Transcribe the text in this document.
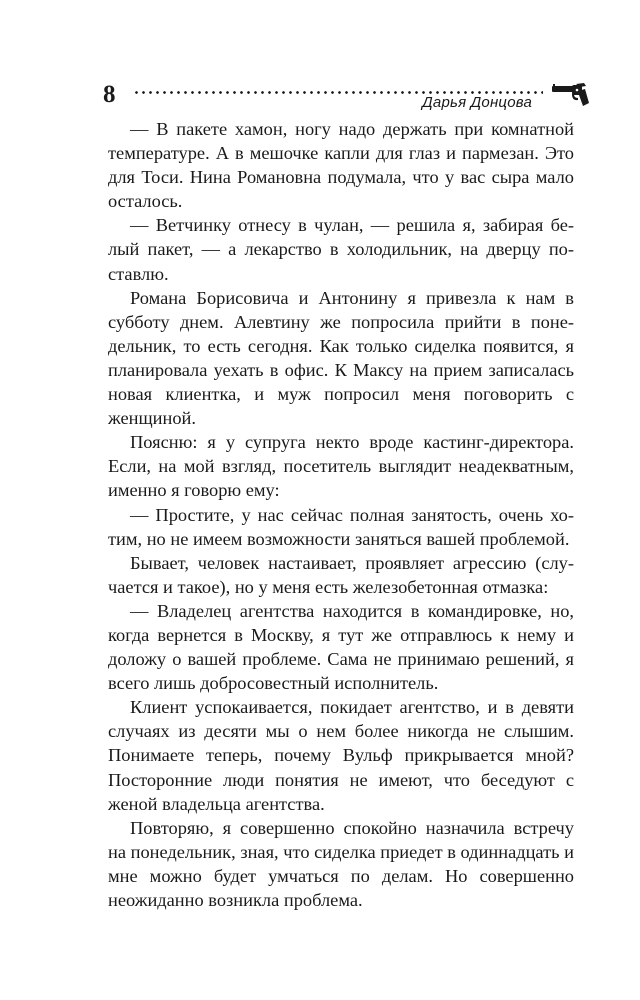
8	Дарья Донцова

— В пакете хамон, ногу надо держать при комнатной температуре. А в мешочке капли для глаз и пармезан. Это для Тоси. Нина Романовна подумала, что у вас сыра мало осталось.

— Ветчинку отнесу в чулан, — решила я, забирая белый пакет, — а лекарство в холодильник, на дверцу поставлю.

Романа Борисовича и Антонину я привезла к нам в субботу днем. Алевтину же попросила прийти в понедельник, то есть сегодня. Как только сиделка появится, я планировала уехать в офис. К Максу на прием записалась новая клиентка, и муж попросил меня поговорить с женщиной.

Поясню: я у супруга некто вроде кастинг-директора. Если, на мой взгляд, посетитель выглядит неадекватным, именно я говорю ему:

— Простите, у нас сейчас полная занятость, очень хотим, но не имеем возможности заняться вашей проблемой.

Бывает, человек настаивает, проявляет агрессию (случается и такое), но у меня есть железобетонная отмазка:

— Владелец агентства находится в командировке, но, когда вернется в Москву, я тут же отправлюсь к нему и доложу о вашей проблеме. Сама не принимаю решений, я всего лишь добросовестный исполнитель.

Клиент успокаивается, покидает агентство, и в девяти случаях из десяти мы о нем более никогда не слышим. Понимаете теперь, почему Вульф прикрывается мной? Посторонние люди понятия не имеют, что беседуют с женой владельца агентства.

Повторяю, я совершенно спокойно назначила встречу на понедельник, зная, что сиделка приедет в одиннадцать и мне можно будет умчаться по делам. Но совершенно неожиданно возникла проблема.
